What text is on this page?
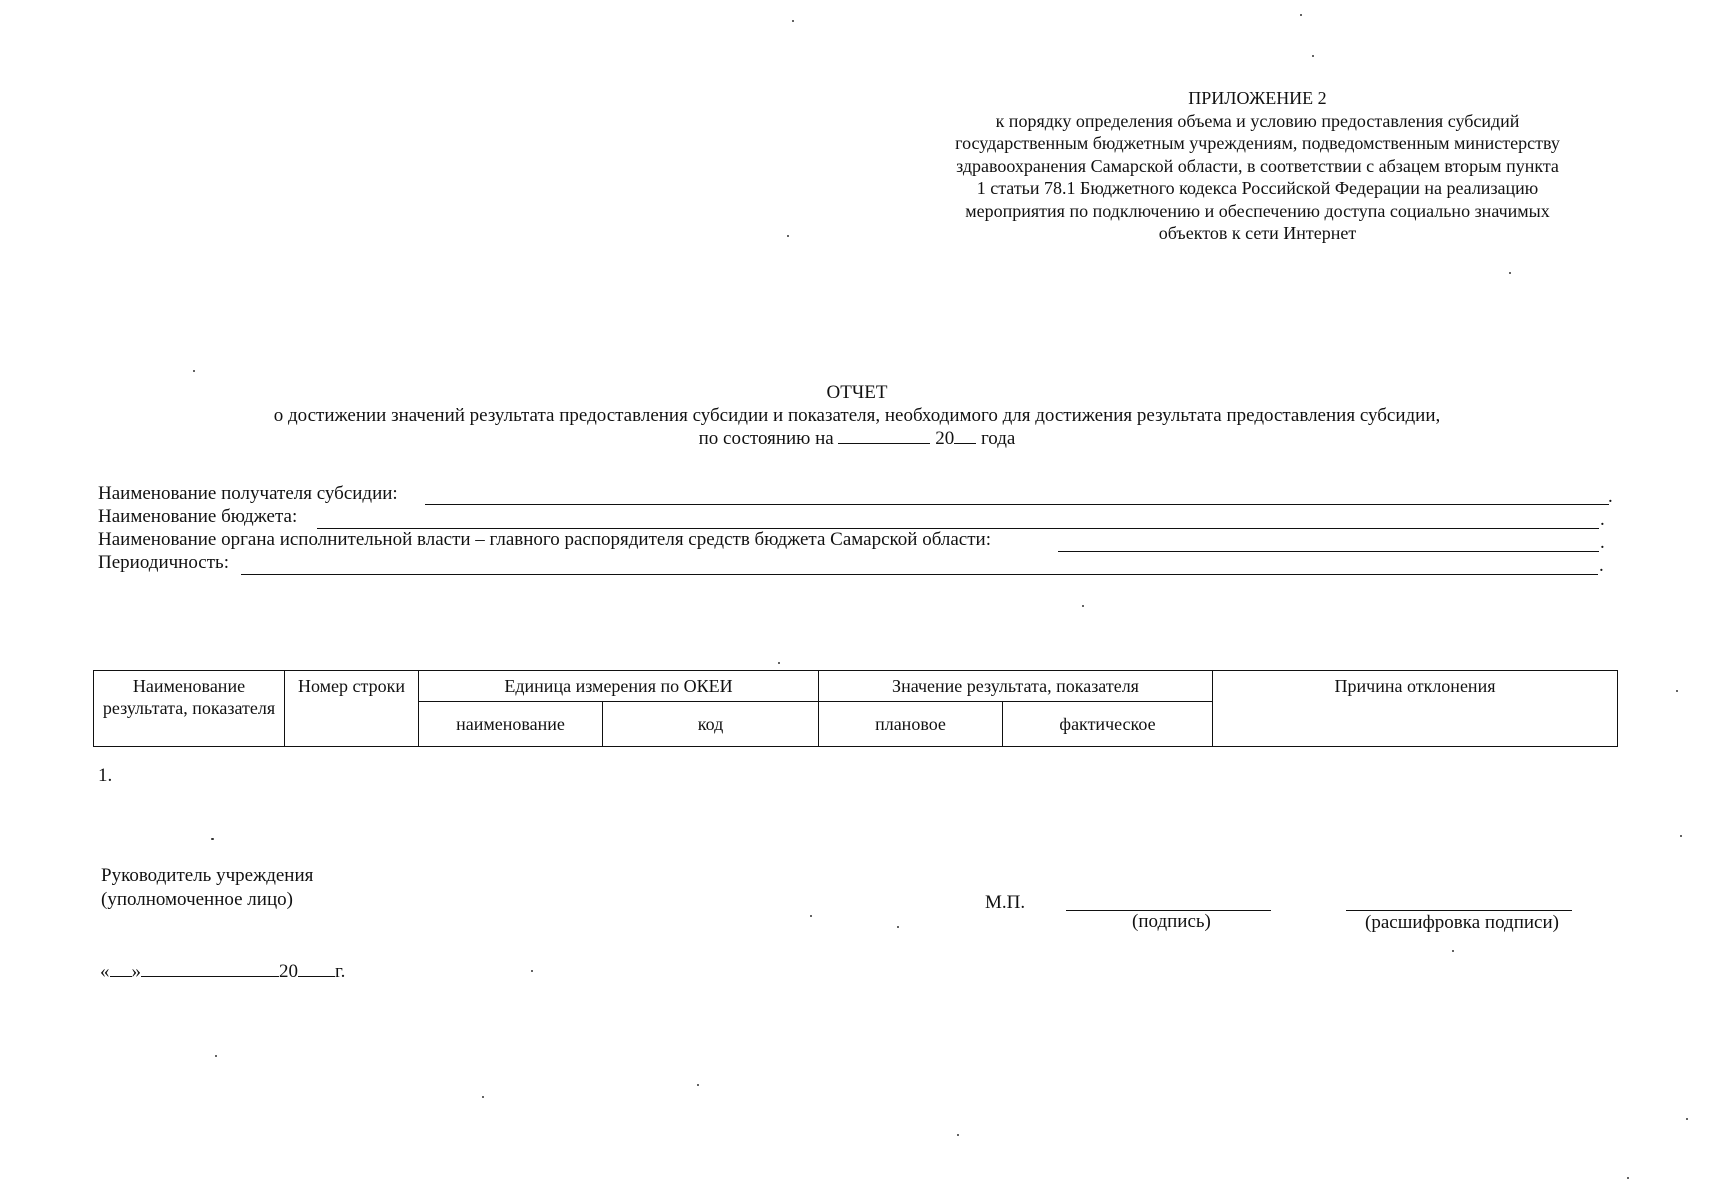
ПРИЛОЖЕНИЕ 2
к порядку определения объема и условию предоставления субсидий
государственным бюджетным учреждениям, подведомственным министерству
здравоохранения Самарской области, в соответствии с абзацем вторым пункта
1 статьи 78.1 Бюджетного кодекса Российской Федерации на реализацию
мероприятия по подключению и обеспечению доступа социально значимых
объектов к сети Интернет
ОТЧЕТ
о достижении значений результата предоставления субсидии и показателя, необходимого для достижения результата предоставления субсидии,
по состоянию на	20 года
Наименование получателя субсидии:	.
Наименование бюджета:	.
Наименование органа исполнительной власти – главного распорядителя средств бюджета Самарской области:	.
Периодичность:	.
Наименование результата, показателя	Номер строки	Единица измерения по ОКЕИ		Значение результата, показателя		Причина отклонения
		наименование	код	плановое	фактическое	
1.
Руководитель учреждения
(уполномоченное лицо)	М.П.
(подпись)	(расшифровка подписи)
« »	20 г.
